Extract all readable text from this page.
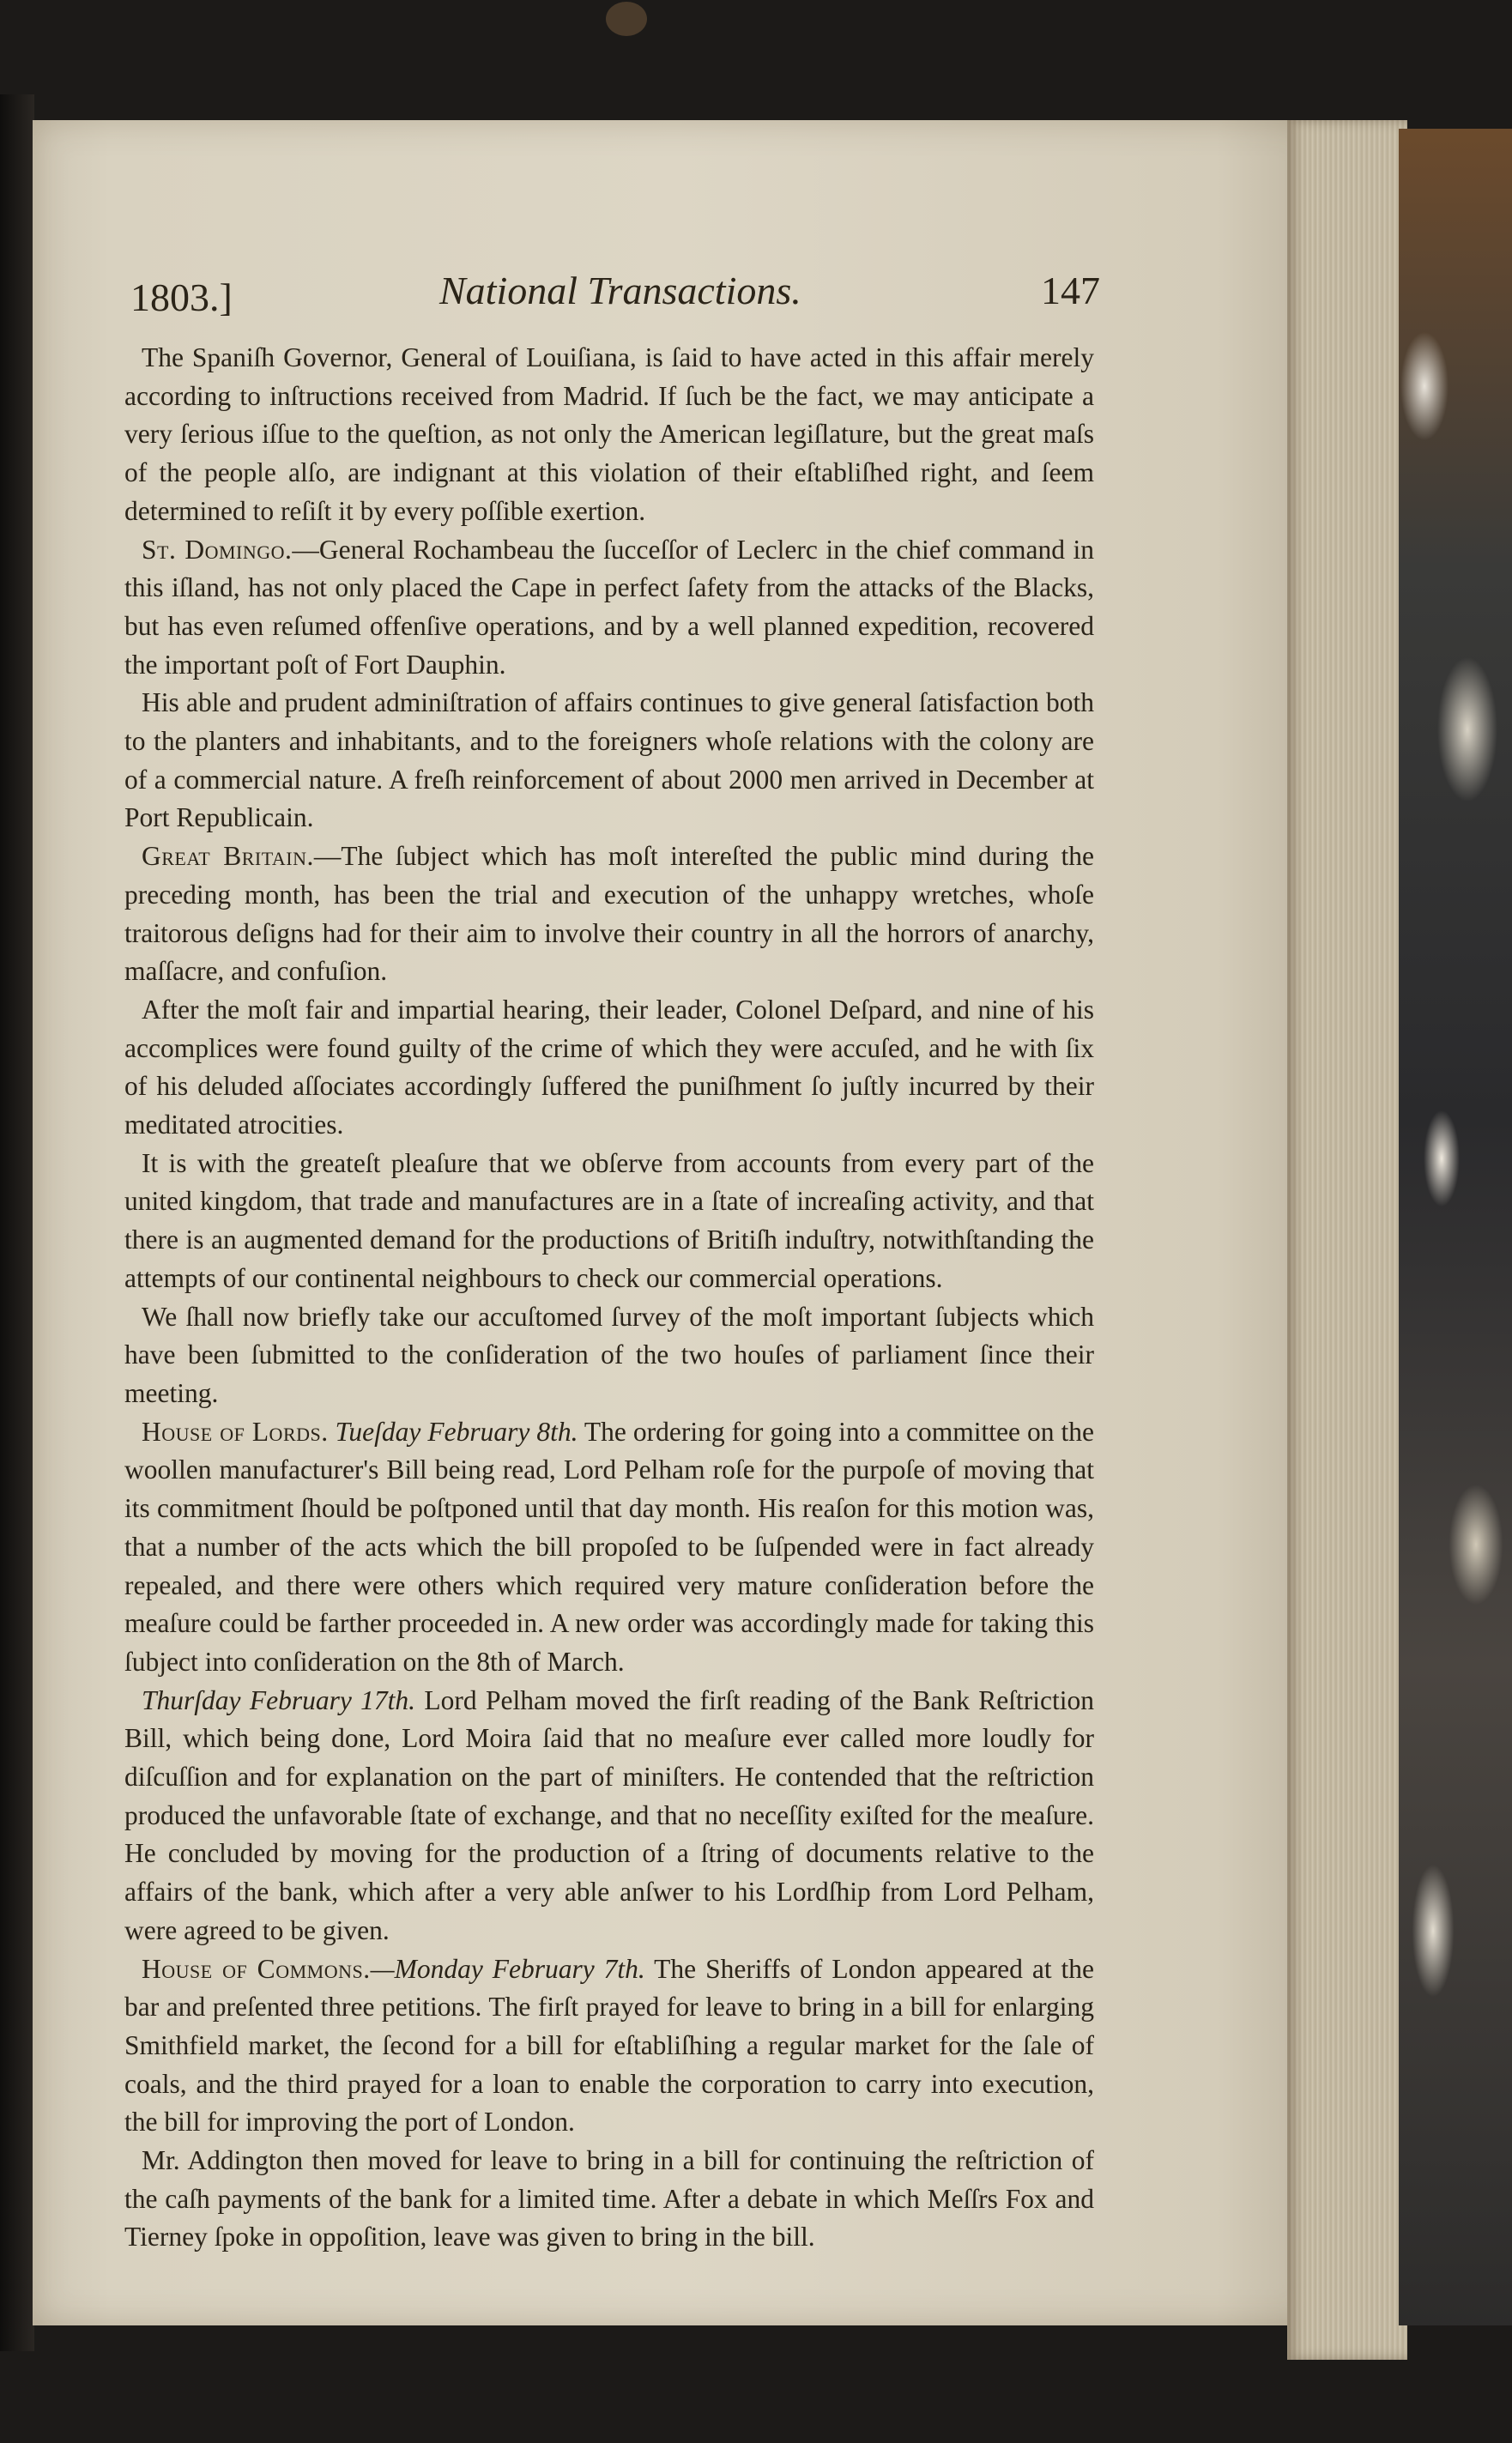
1803.]	National Transactions.	147

The Spaniſh Governor, General of Louiſiana, is ſaid to have acted in this affair merely according to inſtructions received from Madrid. If ſuch be the fact, we may anticipate a very ſerious iſſue to the queſtion, as not only the American legiſlature, but the great maſs of the people alſo, are indignant at this violation of their eſtabliſhed right, and ſeem determined to reſiſt it by every poſſible exertion.

St. Domingo.—General Rochambeau the ſucceſſor of Leclerc in the chief command in this iſland, has not only placed the Cape in perfect ſafety from the attacks of the Blacks, but has even reſumed offenſive operations, and by a well planned expedition, recovered the important poſt of Fort Dauphin.

His able and prudent adminiſtration of affairs continues to give general ſatisfaction both to the planters and inhabitants, and to the foreigners whoſe relations with the colony are of a commercial nature. A freſh reinforcement of about 2000 men arrived in December at Port Republicain.

Great Britain.—The ſubject which has moſt intereſted the public mind during the preceding month, has been the trial and execution of the unhappy wretches, whoſe traitorous deſigns had for their aim to involve their country in all the horrors of anarchy, maſſacre, and confuſion.

After the moſt fair and impartial hearing, their leader, Colonel Deſpard, and nine of his accomplices were found guilty of the crime of which they were accuſed, and he with ſix of his deluded aſſociates accordingly ſuffered the puniſhment ſo juſtly incurred by their meditated atrocities.

It is with the greateſt pleaſure that we obſerve from accounts from every part of the united kingdom, that trade and manufactures are in a ſtate of increaſing activity, and that there is an augmented demand for the productions of Britiſh induſtry, notwithſtanding the attempts of our continental neighbours to check our commercial operations.

We ſhall now briefly take our accuſtomed ſurvey of the moſt important ſubjects which have been ſubmitted to the conſideration of the two houſes of parliament ſince their meeting.

House of Lords. Tueſday February 8th. The ordering for going into a committee on the woollen manufacturer's Bill being read, Lord Pelham roſe for the purpoſe of moving that its commitment ſhould be poſtponed until that day month. His reaſon for this motion was, that a number of the acts which the bill propoſed to be ſuſpended were in fact already repealed, and there were others which required very mature conſideration before the meaſure could be farther proceeded in. A new order was accordingly made for taking this ſubject into conſideration on the 8th of March.

Thurſday February 17th. Lord Pelham moved the firſt reading of the Bank Reſtriction Bill, which being done, Lord Moira ſaid that no meaſure ever called more loudly for diſcuſſion and for explanation on the part of miniſters. He contended that the reſtriction produced the unfavorable ſtate of exchange, and that no neceſſity exiſted for the meaſure. He concluded by moving for the production of a ſtring of documents relative to the affairs of the bank, which after a very able anſwer to his Lordſhip from Lord Pelham, were agreed to be given.

House of Commons.—Monday February 7th. The Sheriffs of London appeared at the bar and preſented three petitions. The firſt prayed for leave to bring in a bill for enlarging Smithfield market, the ſecond for a bill for eſtabliſhing a regular market for the ſale of coals, and the third prayed for a loan to enable the corporation to carry into execution, the bill for improving the port of London.

Mr. Addington then moved for leave to bring in a bill for continuing the reſtriction of the caſh payments of the bank for a limited time. After a debate in which Meſſrs Fox and Tierney ſpoke in oppoſition, leave was given to bring in the bill.
